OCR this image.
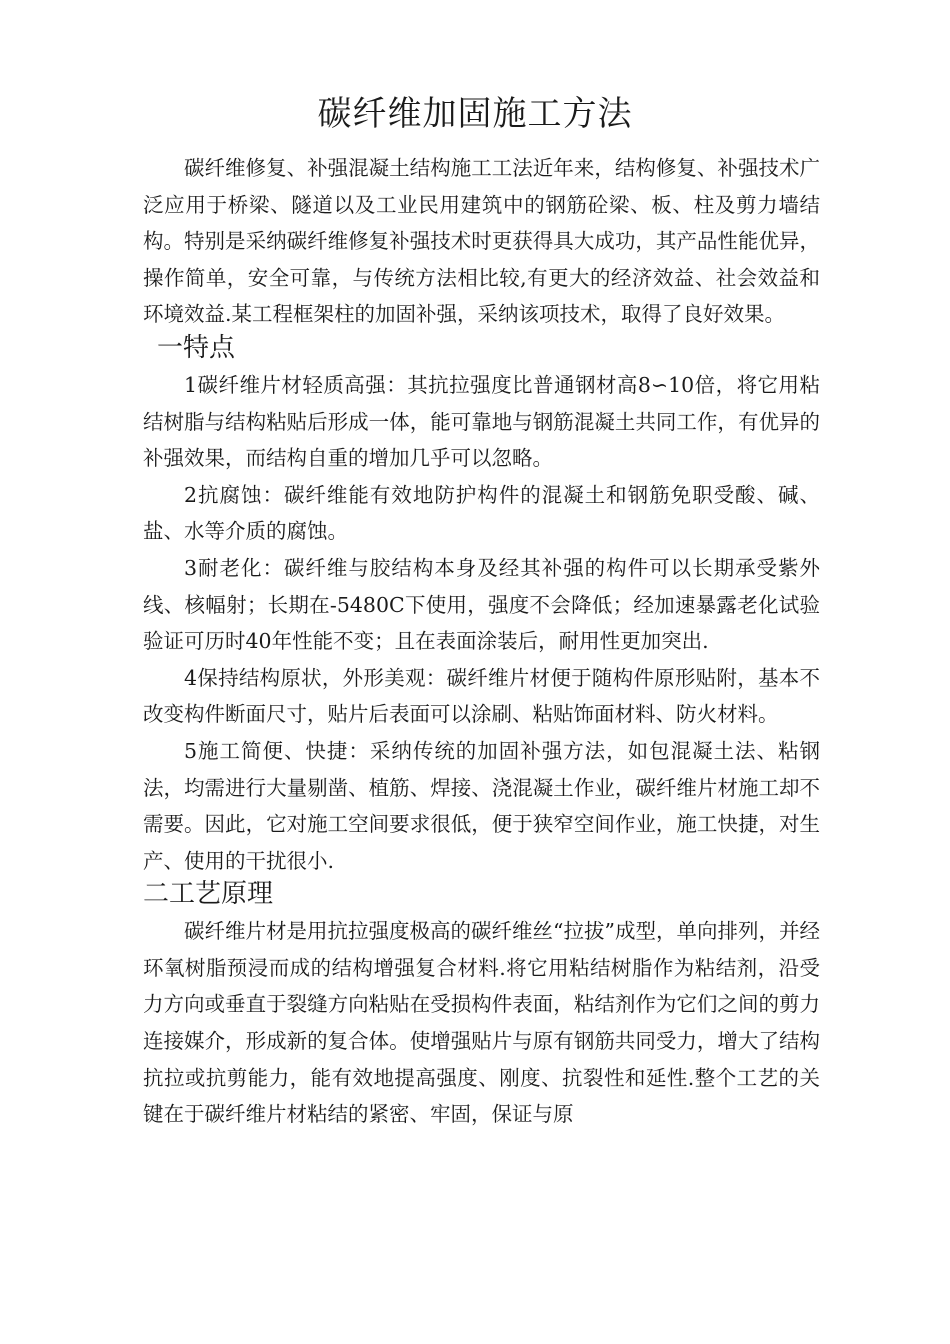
碳纤维加固施工方法

碳纤维修复、补强混凝土结构施工工法近年来，结构修复、补强技术广泛应用于桥梁、隧道以及工业民用建筑中的钢筋砼梁、板、柱及剪力墙结构。特别是采纳碳纤维修复补强技术时更获得具大成功，其产品性能优异，操作简单，安全可靠，与传统方法相比较,有更大的经济效益、社会效益和环境效益.某工程框架柱的加固补强，采纳该项技术，取得了良好效果。

一特点

1碳纤维片材轻质高强：其抗拉强度比普通钢材高8∽10倍，将它用粘结树脂与结构粘贴后形成一体，能可靠地与钢筋混凝土共同工作，有优异的补强效果，而结构自重的增加几乎可以忽略。

2抗腐蚀：碳纤维能有效地防护构件的混凝土和钢筋免职受酸、碱、盐、水等介质的腐蚀。

3耐老化：碳纤维与胶结构本身及经其补强的构件可以长期承受紫外线、核幅射；长期在-5480C下使用，强度不会降低；经加速暴露老化试验验证可历时40年性能不变；且在表面涂装后，耐用性更加突出.

4保持结构原状，外形美观：碳纤维片材便于随构件原形贴附，基本不改变构件断面尺寸，贴片后表面可以涂刷、粘贴饰面材料、防火材料。

5施工简便、快捷：采纳传统的加固补强方法，如包混凝土法、粘钢法，均需进行大量剔凿、植筋、焊接、浇混凝土作业，碳纤维片材施工却不需要。因此，它对施工空间要求很低，便于狭窄空间作业，施工快捷，对生产、使用的干扰很小.

二工艺原理

碳纤维片材是用抗拉强度极高的碳纤维丝“拉拔”成型，单向排列，并经环氧树脂预浸而成的结构增强复合材料.将它用粘结树脂作为粘结剂，沿受力方向或垂直于裂缝方向粘贴在受损构件表面，粘结剂作为它们之间的剪力连接媒介，形成新的复合体。使增强贴片与原有钢筋共同受力，增大了结构抗拉或抗剪能力，能有效地提高强度、刚度、抗裂性和延性.整个工艺的关键在于碳纤维片材粘结的紧密、牢固，保证与原
